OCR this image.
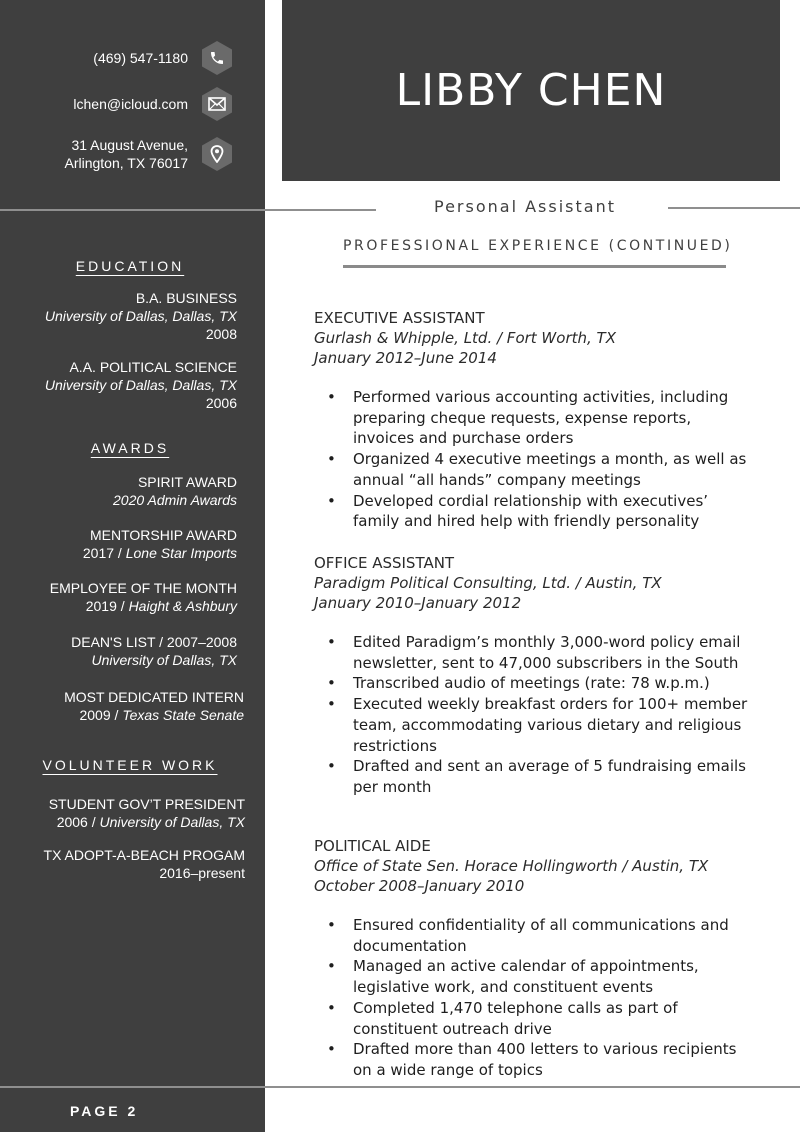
(469) 547-1180
lchen@icloud.com
31 August Avenue,
Arlington, TX 76017
EDUCATION
B.A. BUSINESS
University of Dallas, Dallas, TX
2008
A.A. POLITICAL SCIENCE
University of Dallas, Dallas, TX
2006
AWARDS
SPIRIT AWARD
2020 Admin Awards
MENTORSHIP AWARD
2017 / Lone Star Imports
EMPLOYEE OF THE MONTH
2019 / Haight & Ashbury
DEAN'S LIST / 2007–2008
University of Dallas, TX
MOST DEDICATED INTERN
2009 / Texas State Senate
VOLUNTEER WORK
STUDENT GOV’T PRESIDENT
2006 / University of Dallas, TX
TX ADOPT-A-BEACH PROGAM
2016–present
PAGE 2
LIBBY CHEN
Personal Assistant
PROFESSIONAL EXPERIENCE (CONTINUED)
EXECUTIVE ASSISTANT
Gurlash & Whipple, Ltd. / Fort Worth, TX
January 2012–June 2014
• Performed various accounting activities, including preparing cheque requests, expense reports, invoices and purchase orders
• Organized 4 executive meetings a month, as well as annual “all hands” company meetings
• Developed cordial relationship with executives’ family and hired help with friendly personality
OFFICE ASSISTANT
Paradigm Political Consulting, Ltd. / Austin, TX
January 2010–January 2012
• Edited Paradigm’s monthly 3,000-word policy email newsletter, sent to 47,000 subscribers in the South
• Transcribed audio of meetings (rate: 78 w.p.m.)
• Executed weekly breakfast orders for 100+ member team, accommodating various dietary and religious restrictions
• Drafted and sent an average of 5 fundraising emails per month
POLITICAL AIDE
Office of State Sen. Horace Hollingworth / Austin, TX
October 2008–January 2010
• Ensured confidentiality of all communications and documentation
• Managed an active calendar of appointments, legislative work, and constituent events
• Completed 1,470 telephone calls as part of constituent outreach drive
• Drafted more than 400 letters to various recipients on a wide range of topics
